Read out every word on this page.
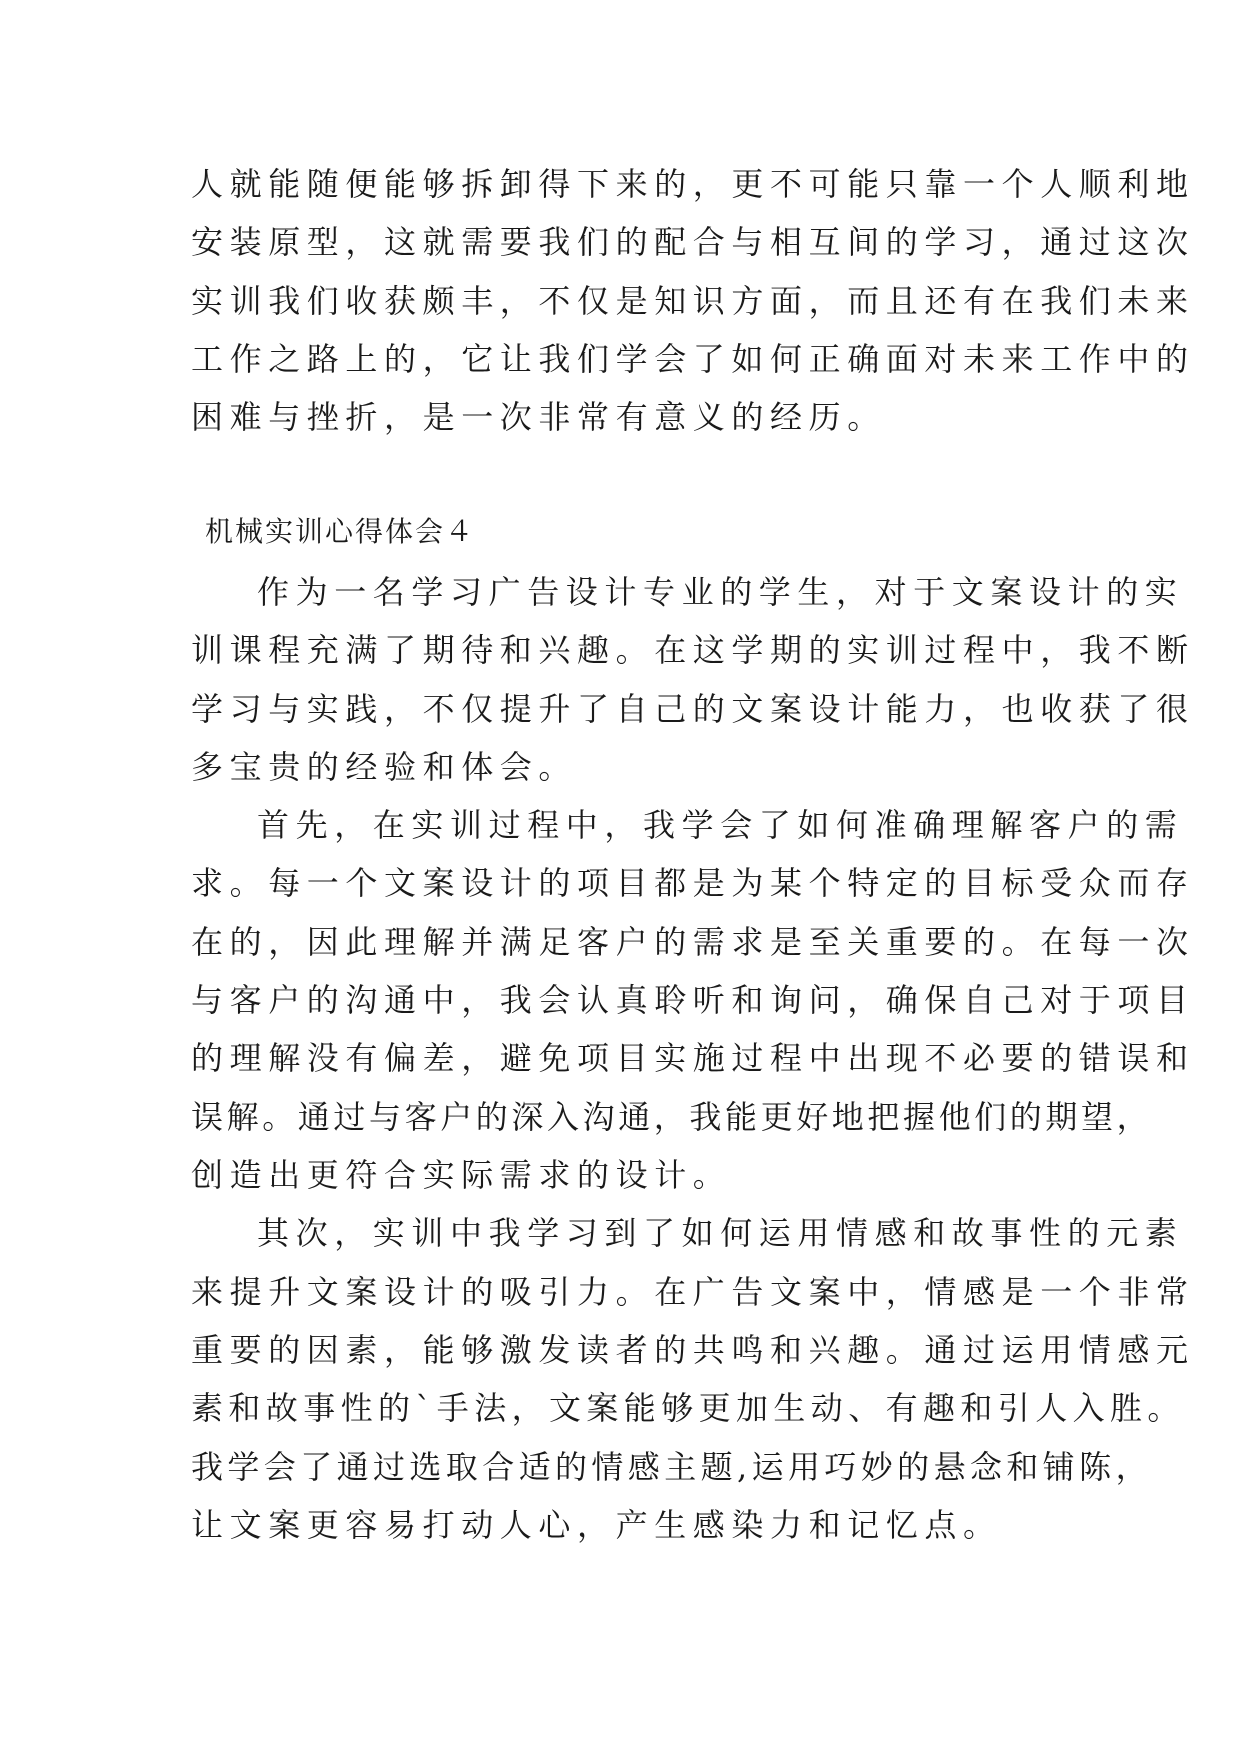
人就能随便能够拆卸得下来的，更不可能只靠一个人顺利地
安装原型，这就需要我们的配合与相互间的学习，通过这次
实训我们收获颇丰，不仅是知识方面，而且还有在我们未来
工作之路上的，它让我们学会了如何正确面对未来工作中的
困难与挫折，是一次非常有意义的经历。
机械实训心得体会４
作为一名学习广告设计专业的学生，对于文案设计的实
训课程充满了期待和兴趣。在这学期的实训过程中，我不断
学习与实践，不仅提升了自己的文案设计能力，也收获了很
多宝贵的经验和体会。
首先，在实训过程中，我学会了如何准确理解客户的需
求。每一个文案设计的项目都是为某个特定的目标受众而存
在的，因此理解并满足客户的需求是至关重要的。在每一次
与客户的沟通中，我会认真聆听和询问，确保自己对于项目
的理解没有偏差，避免项目实施过程中出现不必要的错误和
误解。通过与客户的深入沟通，我能更好地把握他们的期望，
创造出更符合实际需求的设计。
其次，实训中我学习到了如何运用情感和故事性的元素
来提升文案设计的吸引力。在广告文案中，情感是一个非常
重要的因素，能够激发读者的共鸣和兴趣。通过运用情感元
素和故事性的`手法，文案能够更加生动、有趣和引人入胜。
我学会了通过选取合适的情感主题,运用巧妙的悬念和铺陈，
让文案更容易打动人心，产生感染力和记忆点。
